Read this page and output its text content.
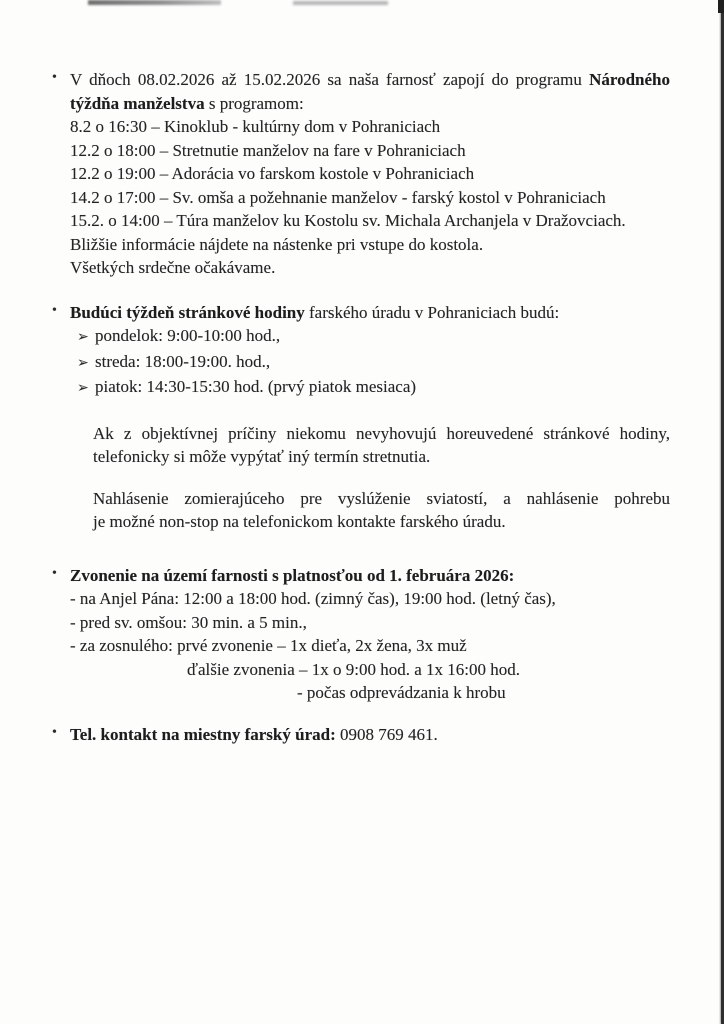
• V dňoch 08.02.2026 až 15.02.2026 sa naša farnosť zapojí do programu Národného
týždňa manželstva s programom:
8.2 o 16:30 – Kinoklub - kultúrny dom v Pohraniciach
12.2 o 18:00 – Stretnutie manželov na fare v Pohraniciach
12.2 o 19:00 – Adorácia vo farskom kostole v Pohraniciach
14.2 o 17:00 – Sv. omša a požehnanie manželov - farský kostol v Pohraniciach
15.2. o 14:00 – Túra manželov ku Kostolu sv. Michala Archanjela v Dražovciach.
Bližšie informácie nájdete na nástenke pri vstupe do kostola.
Všetkých srdečne očakávame.
• Budúci týždeň stránkové hodiny farského úradu v Pohraniciach budú:
➢ pondelok: 9:00-10:00 hod.,
➢ streda: 18:00-19:00. hod.,
➢ piatok: 14:30-15:30 hod. (prvý piatok mesiaca)
Ak z objektívnej príčiny niekomu nevyhovujú horeuvedené stránkové hodiny,
telefonicky si môže vypýtať iný termín stretnutia.
Nahlásenie zomierajúceho pre vyslúženie sviatostí, a nahlásenie pohrebu
je možné non-stop na telefonickom kontakte farského úradu.
• Zvonenie na území farnosti s platnosťou od 1. februára 2026:
- na Anjel Pána: 12:00 a 18:00 hod. (zimný čas), 19:00 hod. (letný čas),
- pred sv. omšou: 30 min. a 5 min.,
- za zosnulého: prvé zvonenie – 1x dieťa, 2x žena, 3x muž
ďalšie zvonenia – 1x o 9:00 hod. a 1x 16:00 hod.
- počas odprevádzania k hrobu
• Tel. kontakt na miestny farský úrad: 0908 769 461.
